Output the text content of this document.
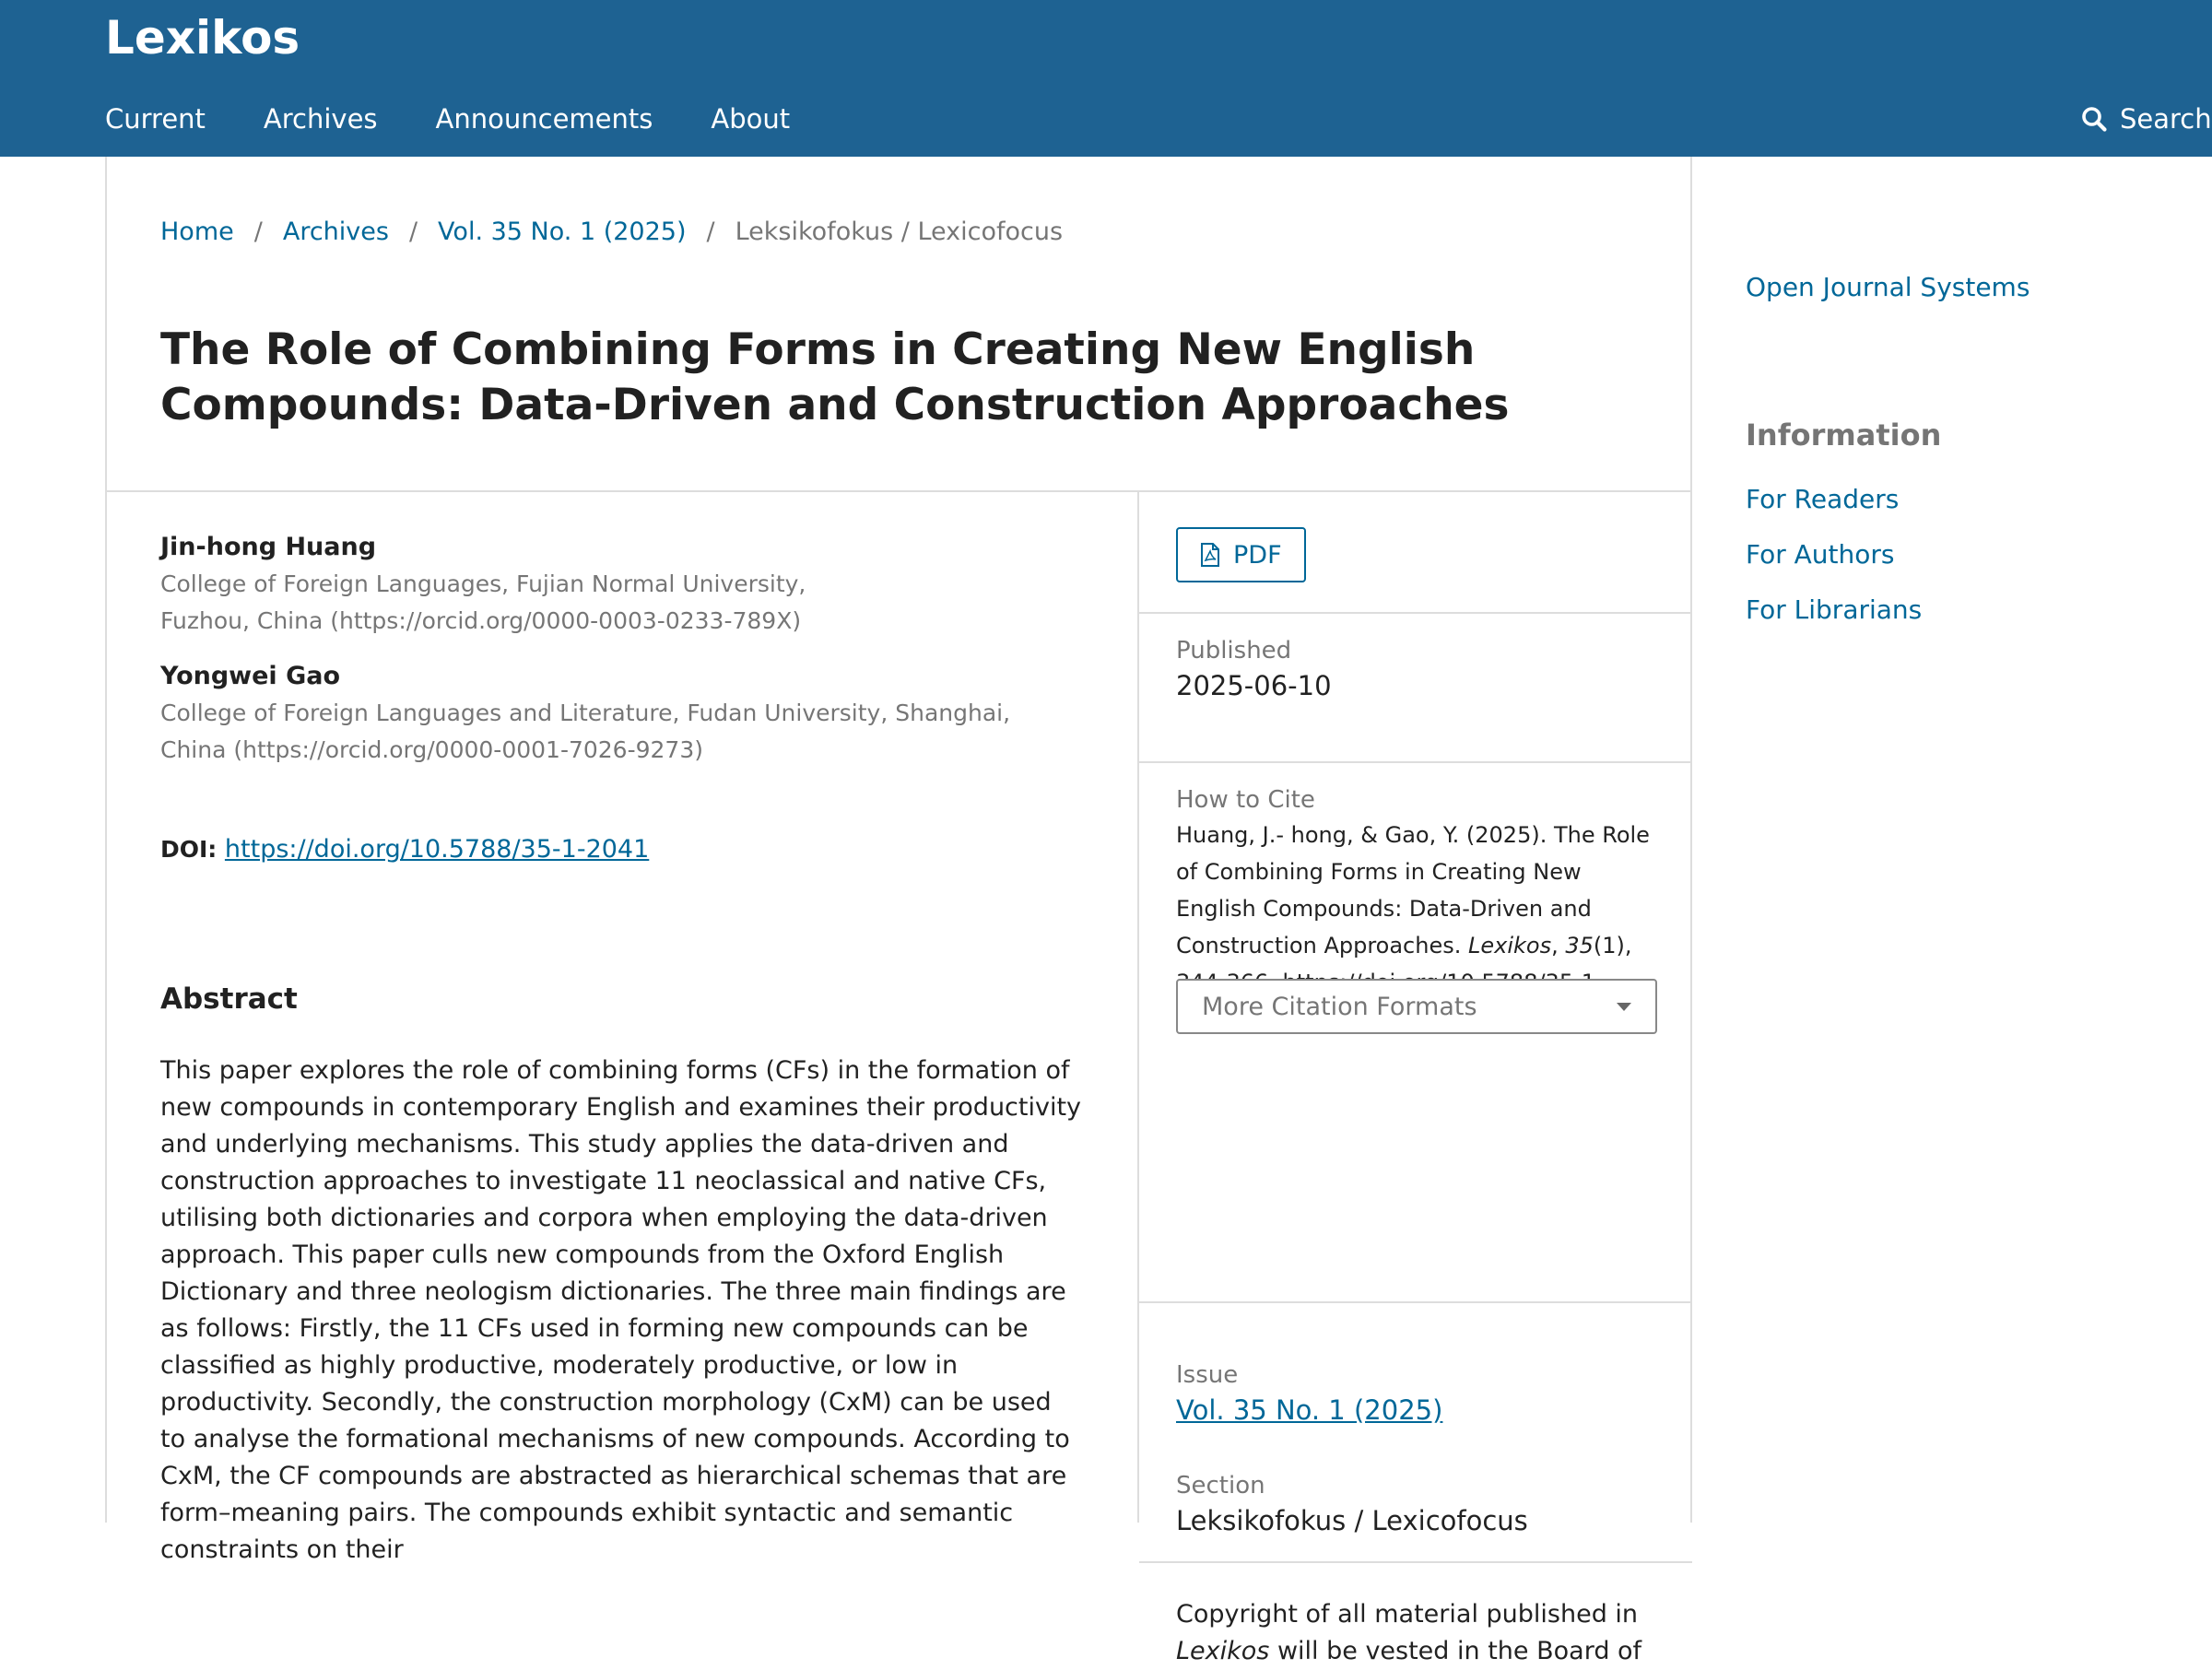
Lexikos
Current Archives Announcements About	Search
Home / Archives / Vol. 35 No. 1 (2025) / Leksikofokus / Lexicofocus
The Role of Combining Forms in Creating New English Compounds: Data-Driven and Construction Approaches
Jin-hong Huang
College of Foreign Languages, Fujian Normal University, Fuzhou, China (https://orcid.org/0000-0003-0233-789X)
Yongwei Gao
College of Foreign Languages and Literature, Fudan University, Shanghai, China (https://orcid.org/0000-0001-7026-9273)
DOI: https://doi.org/10.5788/35-1-2041
Abstract

This paper explores the role of combining forms (CFs) in the formation of new compounds in contemporary English and examines their productivity and underlying mechanisms. This study applies the data-driven and construction approaches to investigate 11 neoclassical and native CFs, utilising both dictionaries and corpora when employing the data-driven approach. This paper culls new compounds from the Oxford English Dictionary and three neologism dictionaries. The three main findings are as follows: Firstly, the 11 CFs used in forming new compounds can be classified as highly productive, moderately productive, or low in productivity. Secondly, the construction morphology (CxM) can be used to analyse the formational mechanisms of new compounds. According to CxM, the CF compounds are abstracted as hierarchical schemas that are form–meaning pairs. The compounds exhibit syntactic and semantic constraints on their

PDF
Published
2025-06-10
How to Cite
Huang, J.- hong, & Gao, Y. (2025). The Role of Combining Forms in Creating New English Compounds: Data-Driven and Construction Approaches. Lexikos, 35(1),
More Citation Formats
Issue
Vol. 35 No. 1 (2025)
Section
Leksikofokus / Lexicofocus
Copyright of all material published in Lexikos will be vested in the Board of
Open Journal Systems
Information
For Readers
For Authors
For Librarians
